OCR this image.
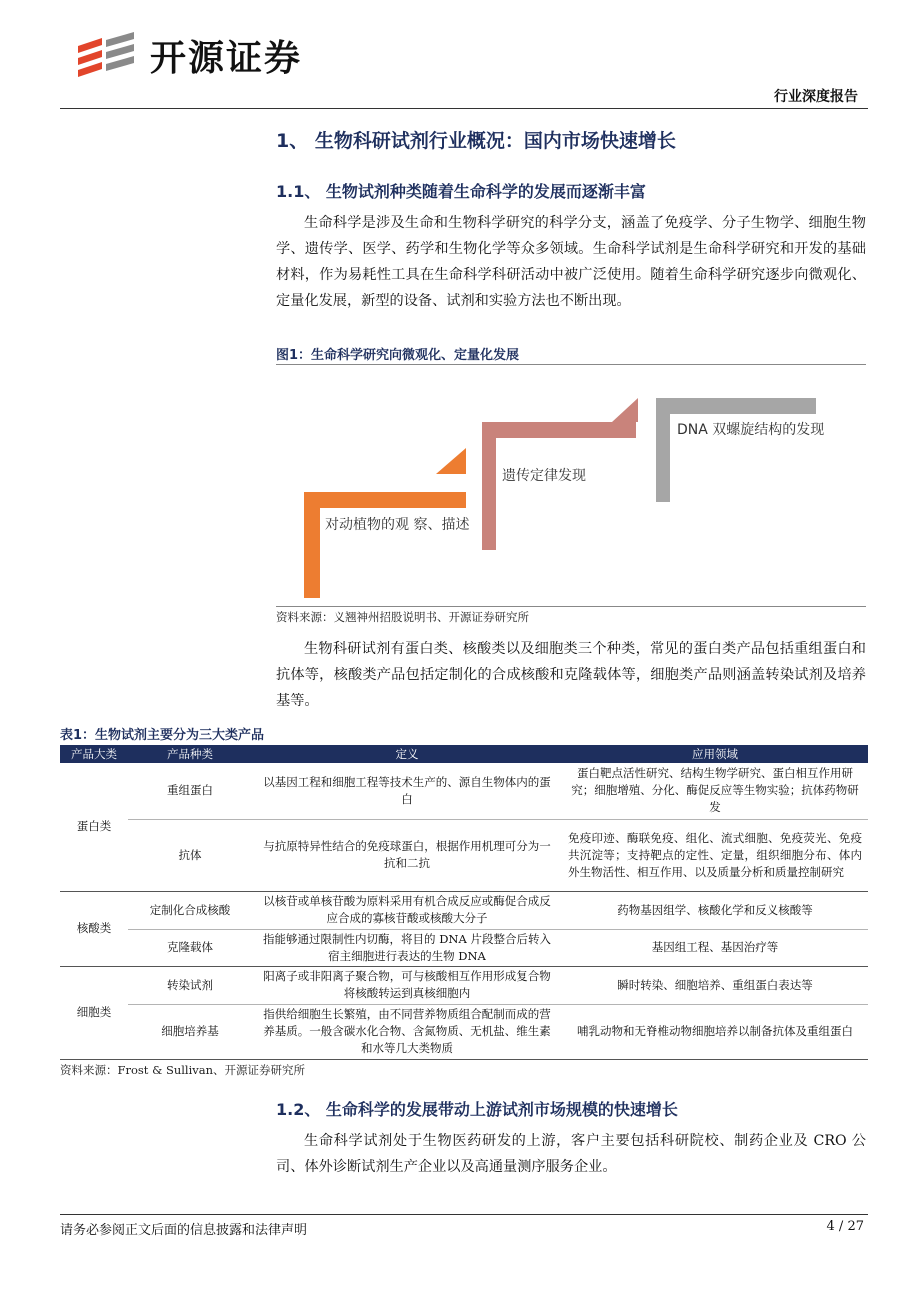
开源证券
行业深度报告
1、 生物科研试剂行业概况：国内市场快速增长
1.1、 生物试剂种类随着生命科学的发展而逐渐丰富

生命科学是涉及生命和生物科学研究的科学分支，涵盖了免疫学、分子生物学、细胞生物学、遗传学、医学、药学和生物化学等众多领域。生命科学试剂是生命科学研究和开发的基础材料，作为易耗性工具在生命科学科研活动中被广泛使用。随着生命科学研究逐步向微观化、定量化发展，新型的设备、试剂和实验方法也不断出现。

图1：生命科学研究向微观化、定量化发展
对动植物的观 察、描述
遗传定律发现
DNA 双螺旋结构的发现
资料来源：义翘神州招股说明书、开源证券研究所

生物科研试剂有蛋白类、核酸类以及细胞类三个种类，常见的蛋白类产品包括重组蛋白和抗体等，核酸类产品包括定制化的合成核酸和克隆载体等，细胞类产品则涵盖转染试剂及培养基等。

表1：生物试剂主要分为三大类产品
产品大类	产品种类	定义	应用领域
蛋白类	重组蛋白	以基因工程和细胞工程等技术生产的、源自生物体内的蛋白	蛋白靶点活性研究、结构生物学研究、蛋白相互作用研究；细胞增殖、分化、酶促反应等生物实验；抗体药物研发
	抗体	与抗原特异性结合的免疫球蛋白，根据作用机理可分为一抗和二抗	免疫印迹、酶联免疫、组化、流式细胞、免疫荧光、免疫共沉淀等；支持靶点的定性、定量，组织细胞分布、体内外生物活性、相互作用、以及质量分析和质量控制研究
核酸类	定制化合成核酸	以核苷或单核苷酸为原料采用有机合成反应或酶促合成反应合成的寡核苷酸或核酸大分子	药物基因组学、核酸化学和反义核酸等
	克隆载体	指能够通过限制性内切酶，将目的 DNA 片段整合后转入宿主细胞进行表达的生物 DNA	基因组工程、基因治疗等
细胞类	转染试剂	阳离子或非阳离子聚合物，可与核酸相互作用形成复合物将核酸转运到真核细胞内	瞬时转染、细胞培养、重组蛋白表达等
	细胞培养基	指供给细胞生长繁殖，由不同营养物质组合配制而成的营养基质。一般含碳水化合物、含氮物质、无机盐、维生素和水等几大类物质	哺乳动物和无脊椎动物细胞培养以制备抗体及重组蛋白
资料来源：Frost & Sullivan、开源证券研究所
1.2、 生命科学的发展带动上游试剂市场规模的快速增长

生命科学试剂处于生物医药研发的上游，客户主要包括科研院校、制药企业及 CRO 公司、体外诊断试剂生产企业以及高通量测序服务企业。

请务必参阅正文后面的信息披露和法律声明	4 / 27
